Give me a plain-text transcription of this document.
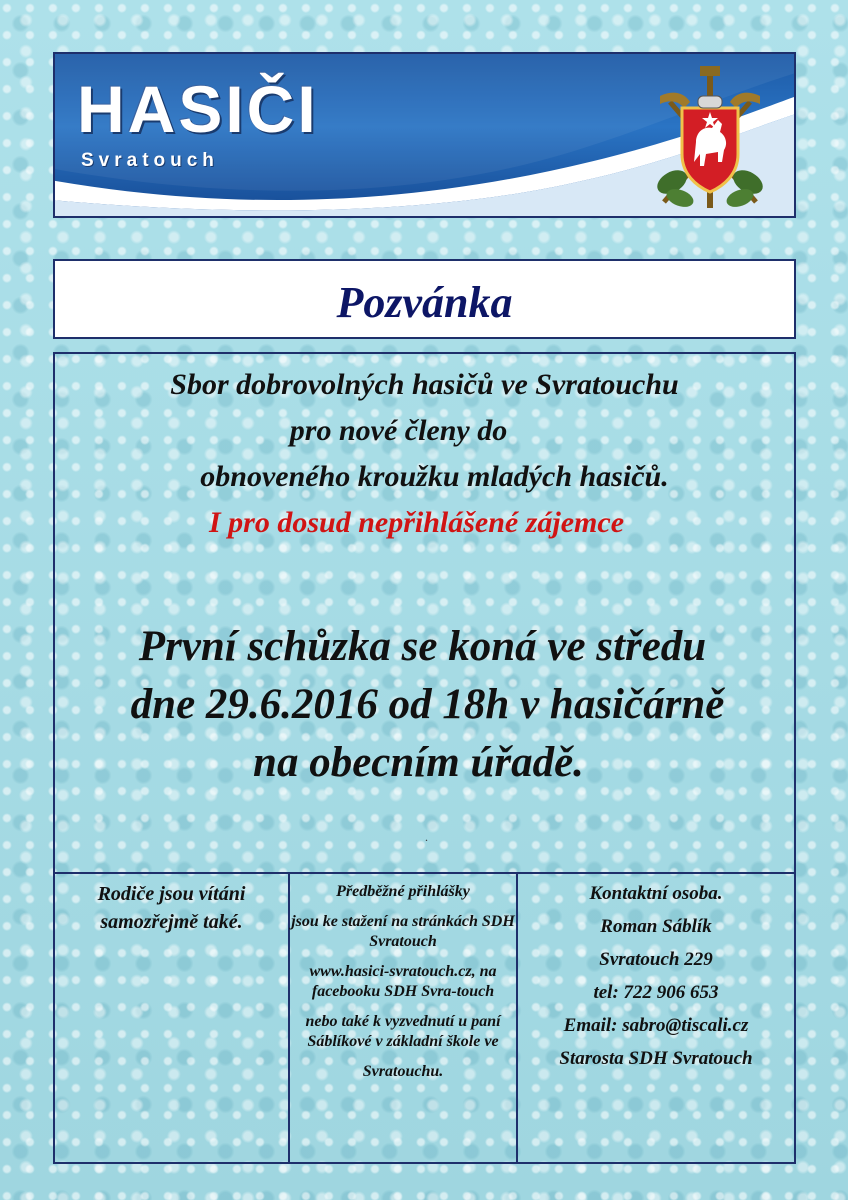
HASIČI

Svratouch

Pozvánka

Sbor dobrovolných hasičů ve Svratouchu

pro nové členy do

obnoveného kroužku mladých hasičů.

I pro dosud nepřihlášené zájemce

První schůzka se koná ve středu

dne 29.6.2016 od 18h v hasičárně

na obecním úřadě.

.

Rodiče jsou vítáni

samozřejmě také.

Předběžné přihlášky

jsou ke stažení na stránkách SDH Svratouch

www.hasici-svratouch.cz, na facebooku SDH Svra-touch

nebo také k vyzvednutí u paní Sáblíkové v základní škole ve

Svratouchu.

Kontaktní osoba.

Roman Sáblík

Svratouch 229

tel: 722 906 653

Email: sabro@tiscali.cz

Starosta SDH Svratouch
